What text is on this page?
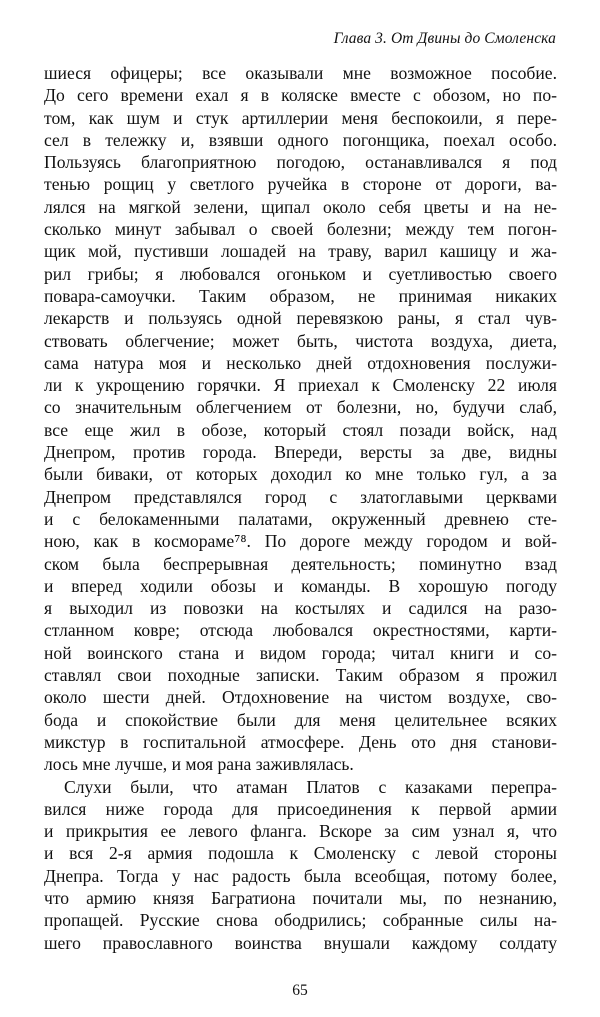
Глава 3. От Двины до Смоленска
шиеся офицеры; все оказывали мне возможное пособие.
До сего времени ехал я в коляске вместе с обозом, но по-
том, как шум и стук артиллерии меня беспокоили, я пере-
сел в тележку и, взявши одного погонщика, поехал особо.
Пользуясь благоприятною погодою, останавливался я под
тенью рощиц у светлого ручейка в стороне от дороги, ва-
лялся на мягкой зелени, щипал около себя цветы и на не-
сколько минут забывал о своей болезни; между тем погон-
щик мой, пустивши лошадей на траву, варил кашицу и жа-
рил грибы; я любовался огоньком и суетливостью своего
повара-самоучки. Таким образом, не принимая никаких
лекарств и пользуясь одной перевязкою раны, я стал чув-
ствовать облегчение; может быть, чистота воздуха, диета,
сама натура моя и несколько дней отдохновения послужи-
ли к укрощению горячки. Я приехал к Смоленску 22 июля
со значительным облегчением от болезни, но, будучи слаб,
все еще жил в обозе, который стоял позади войск, над
Днепром, против города. Впереди, версты за две, видны
были биваки, от которых доходил ко мне только гул, а за
Днепром представлялся город с златоглавыми церквами
и с белокаменными палатами, окруженный древнею сте-
ною, как в космораме⁷⁸. По дороге между городом и вой-
ском была беспрерывная деятельность; поминутно взад
и вперед ходили обозы и команды. В хорошую погоду
я выходил из повозки на костылях и садился на разо-
стланном ковре; отсюда любовался окрестностями, карти-
ной воинского стана и видом города; читал книги и со-
ставлял свои походные записки. Таким образом я прожил
около шести дней. Отдохновение на чистом воздухе, сво-
бода и спокойствие были для меня целительнее всяких
микстур в госпитальной атмосфере. День ото дня станови-
лось мне лучше, и моя рана заживлялась.
Слухи были, что атаман Платов с казаками перепра-
вился ниже города для присоединения к первой армии
и прикрытия ее левого фланга. Вскоре за сим узнал я, что
и вся 2-я армия подошла к Смоленску с левой стороны
Днепра. Тогда у нас радость была всеобщая, потому более,
что армию князя Багратиона почитали мы, по незнанию,
пропащей. Русские снова ободрились; собранные силы на-
шего православного воинства внушали каждому солдату
65
